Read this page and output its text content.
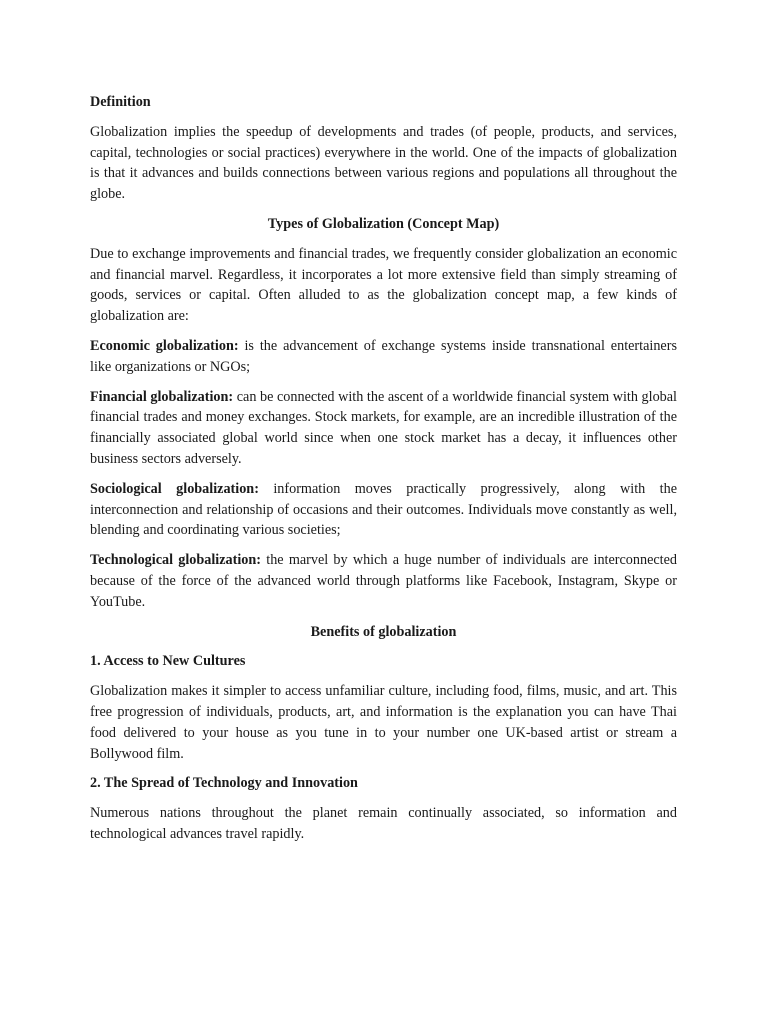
Definition

Globalization implies the speedup of developments and trades (of people, products, and services, capital, technologies or social practices) everywhere in the world. One of the impacts of globalization is that it advances and builds connections between various regions and populations all throughout the globe.

Types of Globalization (Concept Map)

Due to exchange improvements and financial trades, we frequently consider globalization an economic and financial marvel. Regardless, it incorporates a lot more extensive field than simply streaming of goods, services or capital. Often alluded to as the globalization concept map, a few kinds of globalization are:

Economic globalization: is the advancement of exchange systems inside transnational entertainers like organizations or NGOs;

Financial globalization: can be connected with the ascent of a worldwide financial system with global financial trades and money exchanges. Stock markets, for example, are an incredible illustration of the financially associated global world since when one stock market has a decay, it influences other business sectors adversely.

Sociological globalization: information moves practically progressively, along with the interconnection and relationship of occasions and their outcomes. Individuals move constantly as well, blending and coordinating various societies;

Technological globalization: the marvel by which a huge number of individuals are interconnected because of the force of the advanced world through platforms like Facebook, Instagram, Skype or YouTube.

Benefits of globalization

1. Access to New Cultures

Globalization makes it simpler to access unfamiliar culture, including food, films, music, and art. This free progression of individuals, products, art, and information is the explanation you can have Thai food delivered to your house as you tune in to your number one UK-based artist or stream a Bollywood film.

2. The Spread of Technology and Innovation

Numerous nations throughout the planet remain continually associated, so information and technological advances travel rapidly.
